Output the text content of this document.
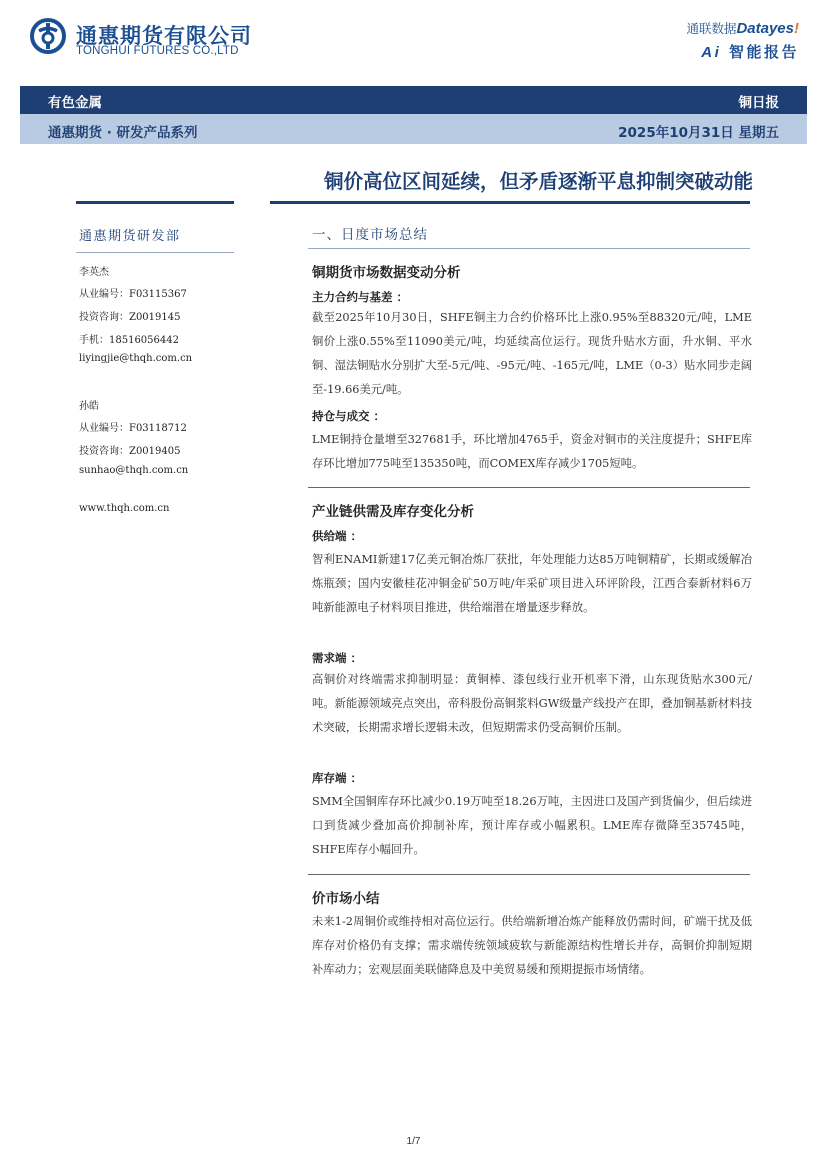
通惠期货有限公司
TONGHUI FUTURES CO.,LTD
通联数据Datayes!
Ai 智能报告
有色金属	铜日报
通惠期货 · 研发产品系列	2025年10月31日 星期五
铜价高位区间延续，但矛盾逐渐平息抑制突破动能
通惠期货研发部
李英杰
从业编号：F03115367
投资咨询：Z0019145
手机：18516056442
liyingjie@thqh.com.cn
孙皓
从业编号：F03118712
投资咨询：Z0019405
sunhao@thqh.com.cn
www.thqh.com.cn
一、日度市场总结
铜期货市场数据变动分析
主力合约与基差 ：
截至2025年10月30日，SHFE铜主力合约价格环比上涨0.95%至88320元/吨，LME铜价上涨0.55%至11090美元/吨，均延续高位运行。现货升贴水方面，升水铜、平水铜、湿法铜贴水分别扩大至-5元/吨、-95元/吨、-165元/吨，LME（0-3）贴水同步走阔至-19.66美元/吨。
持仓与成交 ：
LME铜持仓量增至327681手，环比增加4765手，资金对铜市的关注度提升；SHFE库存环比增加775吨至135350吨，而COMEX库存减少1705短吨。
产业链供需及库存变化分析
供给端 ：
智利ENAMI新建17亿美元铜冶炼厂获批，年处理能力达85万吨铜精矿，长期或缓解冶炼瓶颈；国内安徽桂花冲铜金矿50万吨/年采矿项目进入环评阶段，江西合泰新材料6万吨新能源电子材料项目推进，供给端潜在增量逐步释放。
需求端 ：
高铜价对终端需求抑制明显：黄铜棒、漆包线行业开机率下滑，山东现货贴水300元/吨。新能源领域亮点突出，帝科股份高铜浆料GW级量产线投产在即，叠加铜基新材料技术突破，长期需求增长逻辑未改，但短期需求仍受高铜价压制。
库存端 ：
SMM全国铜库存环比减少0.19万吨至18.26万吨，主因进口及国产到货偏少，但后续进口到货减少叠加高价抑制补库，预计库存或小幅累积。LME库存微降至35745吨，SHFE库存小幅回升。
价市场小结
未来1-2周铜价或维持相对高位运行。供给端新增冶炼产能释放仍需时间，矿端干扰及低库存对价格仍有支撑；需求端传统领域疲软与新能源结构性增长并存，高铜价抑制短期补库动力；宏观层面美联储降息及中美贸易缓和预期提振市场情绪。
1/7
